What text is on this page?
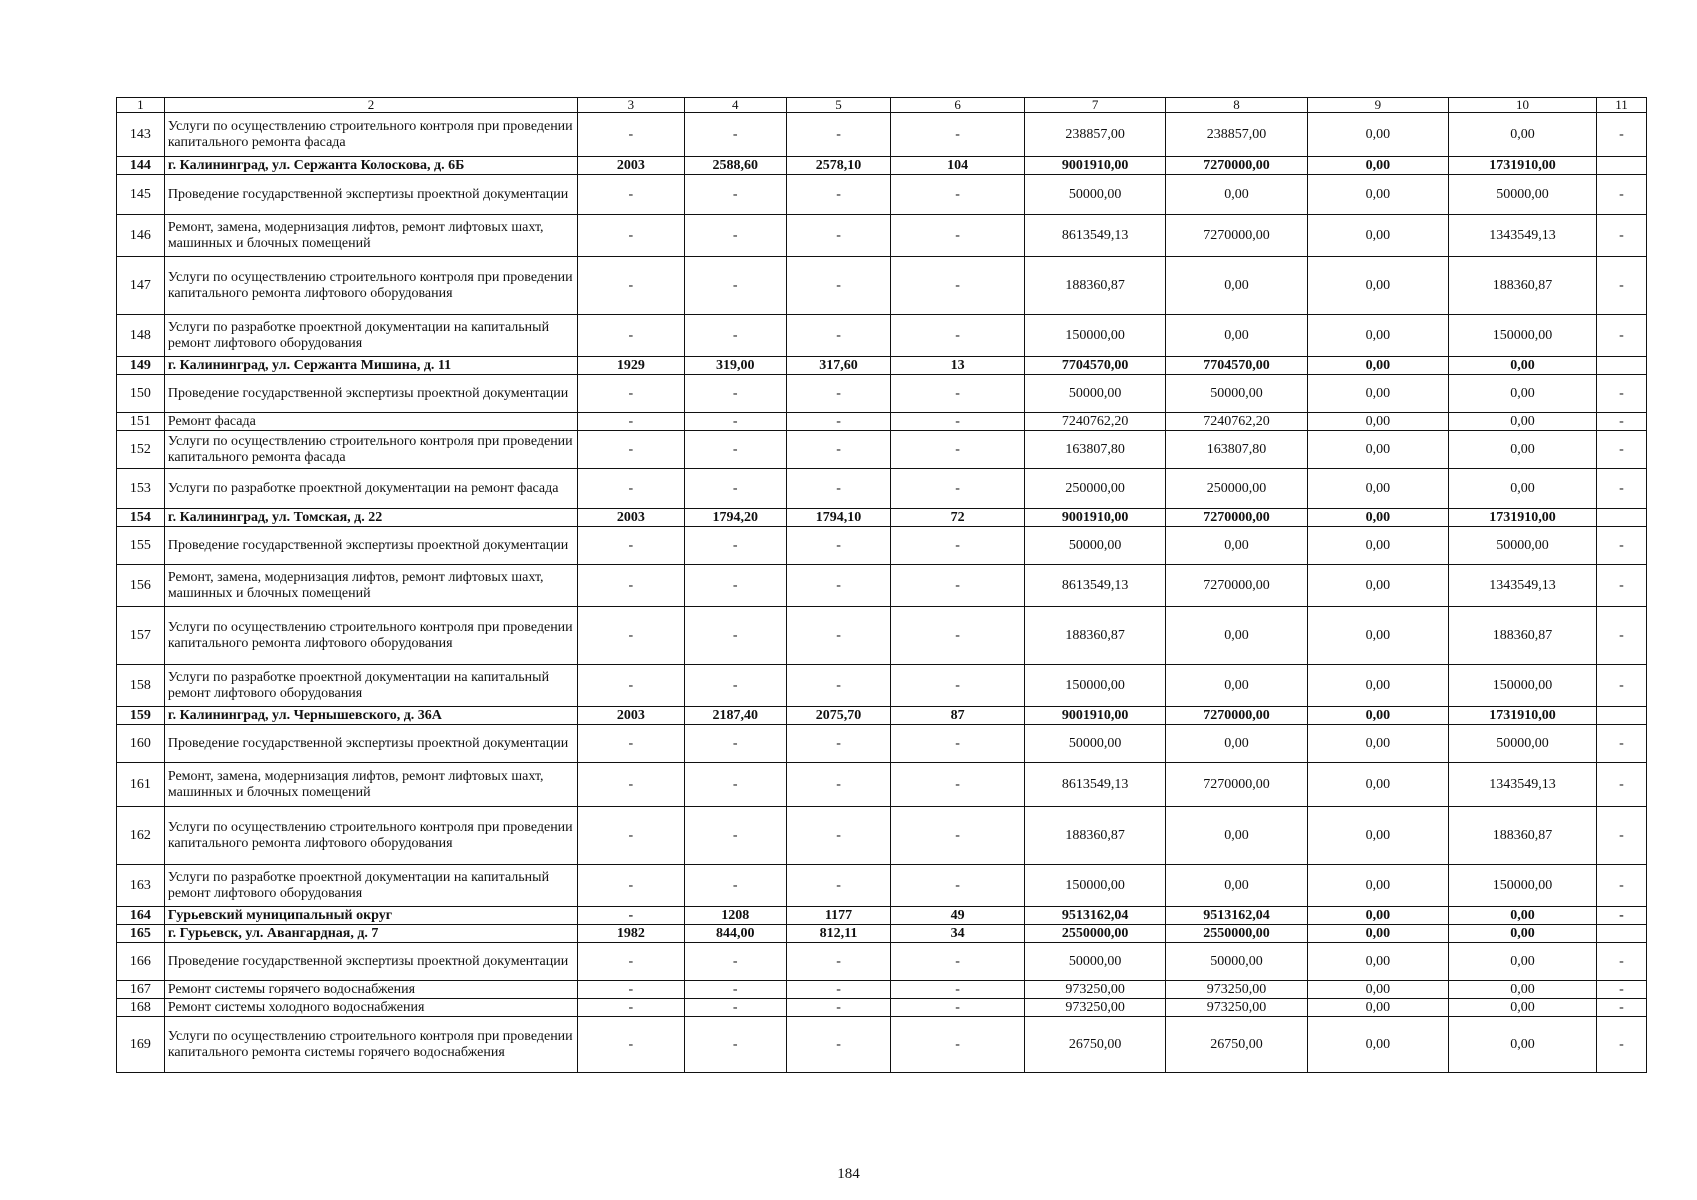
1	2	3	4	5	6	7	8	9	10	11
143	Услуги по осуществлению строительного контроля при проведении капитального ремонта фасада	-	-	-	-	238857,00	238857,00	0,00	0,00	-
144	г. Калининград, ул. Сержанта Колоскова, д. 6Б	2003	2588,60	2578,10	104	9001910,00	7270000,00	0,00	1731910,00	
145	Проведение государственной экспертизы проектной документации	-	-	-	-	50000,00	0,00	0,00	50000,00	-
146	Ремонт, замена, модернизация лифтов, ремонт лифтовых шахт, машинных и блочных помещений	-	-	-	-	8613549,13	7270000,00	0,00	1343549,13	-
147	Услуги по осуществлению строительного контроля при проведении капитального ремонта лифтового оборудования	-	-	-	-	188360,87	0,00	0,00	188360,87	-
148	Услуги по разработке проектной документации на капитальный ремонт лифтового оборудования	-	-	-	-	150000,00	0,00	0,00	150000,00	-
149	г. Калининград, ул. Сержанта Мишина, д. 11	1929	319,00	317,60	13	7704570,00	7704570,00	0,00	0,00	
150	Проведение государственной экспертизы проектной документации	-	-	-	-	50000,00	50000,00	0,00	0,00	-
151	Ремонт фасада	-	-	-	-	7240762,20	7240762,20	0,00	0,00	-
152	Услуги по осуществлению строительного контроля при проведении капитального ремонта фасада	-	-	-	-	163807,80	163807,80	0,00	0,00	-
153	Услуги по разработке проектной документации на ремонт фасада	-	-	-	-	250000,00	250000,00	0,00	0,00	-
154	г. Калининград, ул. Томская, д. 22	2003	1794,20	1794,10	72	9001910,00	7270000,00	0,00	1731910,00	
155	Проведение государственной экспертизы проектной документации	-	-	-	-	50000,00	0,00	0,00	50000,00	-
156	Ремонт, замена, модернизация лифтов, ремонт лифтовых шахт, машинных и блочных помещений	-	-	-	-	8613549,13	7270000,00	0,00	1343549,13	-
157	Услуги по осуществлению строительного контроля при проведении капитального ремонта лифтового оборудования	-	-	-	-	188360,87	0,00	0,00	188360,87	-
158	Услуги по разработке проектной документации на капитальный ремонт лифтового оборудования	-	-	-	-	150000,00	0,00	0,00	150000,00	-
159	г. Калининград, ул. Чернышевского, д. 36А	2003	2187,40	2075,70	87	9001910,00	7270000,00	0,00	1731910,00	
160	Проведение государственной экспертизы проектной документации	-	-	-	-	50000,00	0,00	0,00	50000,00	-
161	Ремонт, замена, модернизация лифтов, ремонт лифтовых шахт, машинных и блочных помещений	-	-	-	-	8613549,13	7270000,00	0,00	1343549,13	-
162	Услуги по осуществлению строительного контроля при проведении капитального ремонта лифтового оборудования	-	-	-	-	188360,87	0,00	0,00	188360,87	-
163	Услуги по разработке проектной документации на капитальный ремонт лифтового оборудования	-	-	-	-	150000,00	0,00	0,00	150000,00	-
164	Гурьевский муниципальный округ	-	1208	1177	49	9513162,04	9513162,04	0,00	0,00	-
165	г. Гурьевск, ул. Авангардная, д. 7	1982	844,00	812,11	34	2550000,00	2550000,00	0,00	0,00	
166	Проведение государственной экспертизы проектной документации	-	-	-	-	50000,00	50000,00	0,00	0,00	-
167	Ремонт системы горячего водоснабжения	-	-	-	-	973250,00	973250,00	0,00	0,00	-
168	Ремонт системы холодного водоснабжения	-	-	-	-	973250,00	973250,00	0,00	0,00	-
169	Услуги по осуществлению строительного контроля при проведении капитального ремонта системы горячего водоснабжения	-	-	-	-	26750,00	26750,00	0,00	0,00	-
184
